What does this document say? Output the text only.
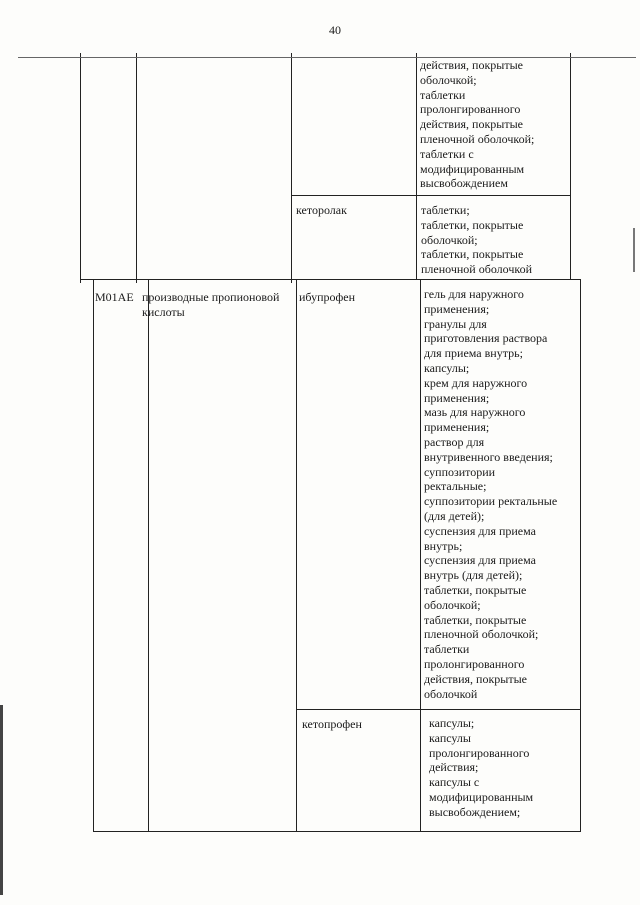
40
действия, покрытые
оболочкой;
таблетки
пролонгированного
действия, покрытые
пленочной оболочкой;
таблетки с
модифицированным
высвобождением
кеторолак	таблетки;
таблетки, покрытые
оболочкой;
таблетки, покрытые
пленочной оболочкой
M01AE производные пропионовой
кислоты
ибупрофен	гель для наружного
применения;
гранулы для
приготовления раствора
для приема внутрь;
капсулы;
крем для наружного
применения;
мазь для наружного
применения;
раствор для
внутривенного введения;
суппозитории
ректальные;
суппозитории ректальные
(для детей);
суспензия для приема
внутрь;
суспензия для приема
внутрь (для детей);
таблетки, покрытые
оболочкой;
таблетки, покрытые
пленочной оболочкой;
таблетки
пролонгированного
действия, покрытые
оболочкой
кетопрофен	капсулы;
капсулы
пролонгированного
действия;
капсулы с
модифицированным
высвобождением;
